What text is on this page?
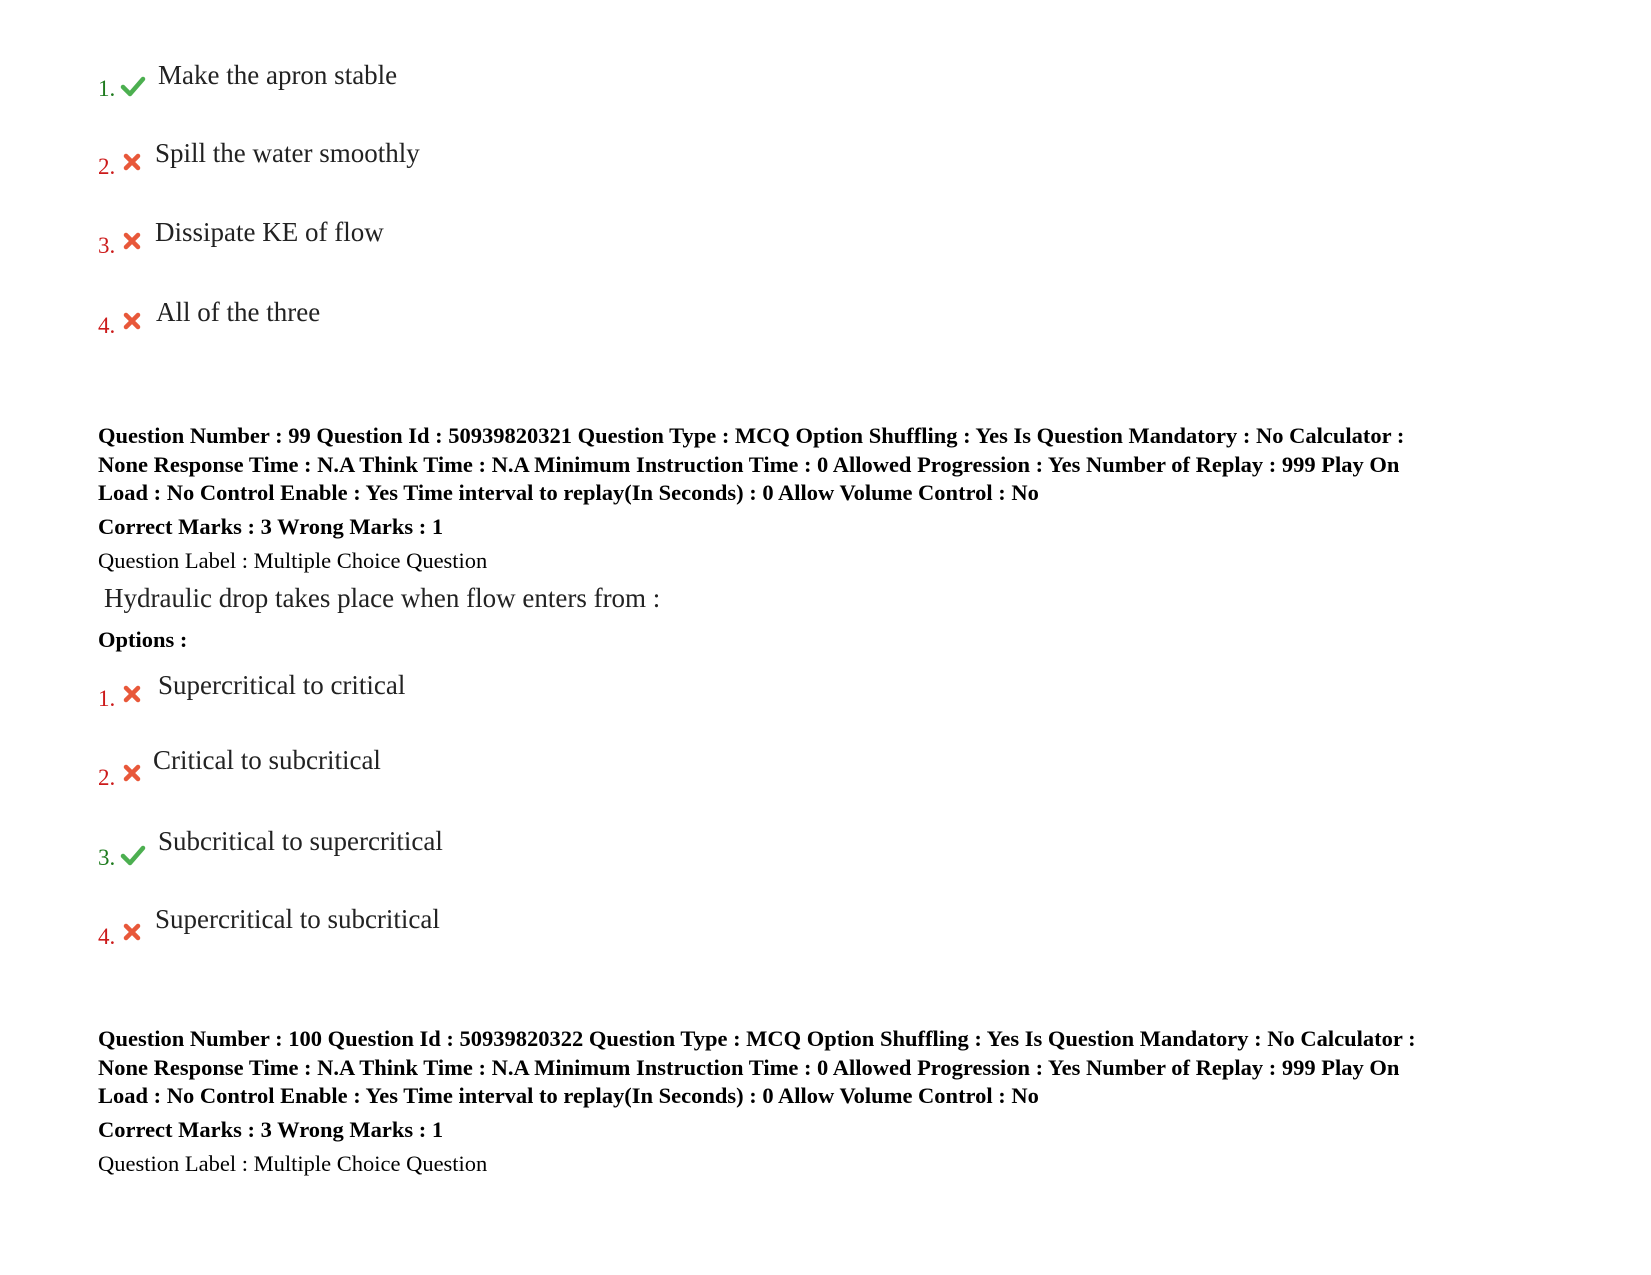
1. Make the apron stable
2. Spill the water smoothly
3. Dissipate KE of flow
4. All of the three
Question Number : 99 Question Id : 50939820321 Question Type : MCQ Option Shuffling : Yes Is Question Mandatory : No Calculator :
None Response Time : N.A Think Time : N.A Minimum Instruction Time : 0 Allowed Progression : Yes Number of Replay : 999 Play On
Load : No Control Enable : Yes Time interval to replay(In Seconds) : 0 Allow Volume Control : No
Correct Marks : 3 Wrong Marks : 1
Question Label : Multiple Choice Question
Hydraulic drop takes place when flow enters from :
Options :
1. Supercritical to critical
2.
Critical to subcritical
3.
Subcritical to supercritical
4.
Supercritical to subcritical
Question Number : 100 Question Id : 50939820322 Question Type : MCQ Option Shuffling : Yes Is Question Mandatory : No Calculator :
None Response Time : N.A Think Time : N.A Minimum Instruction Time : 0 Allowed Progression : Yes Number of Replay : 999 Play On
Load : No Control Enable : Yes Time interval to replay(In Seconds) : 0 Allow Volume Control : No
Correct Marks : 3 Wrong Marks : 1
Question Label : Multiple Choice Question
